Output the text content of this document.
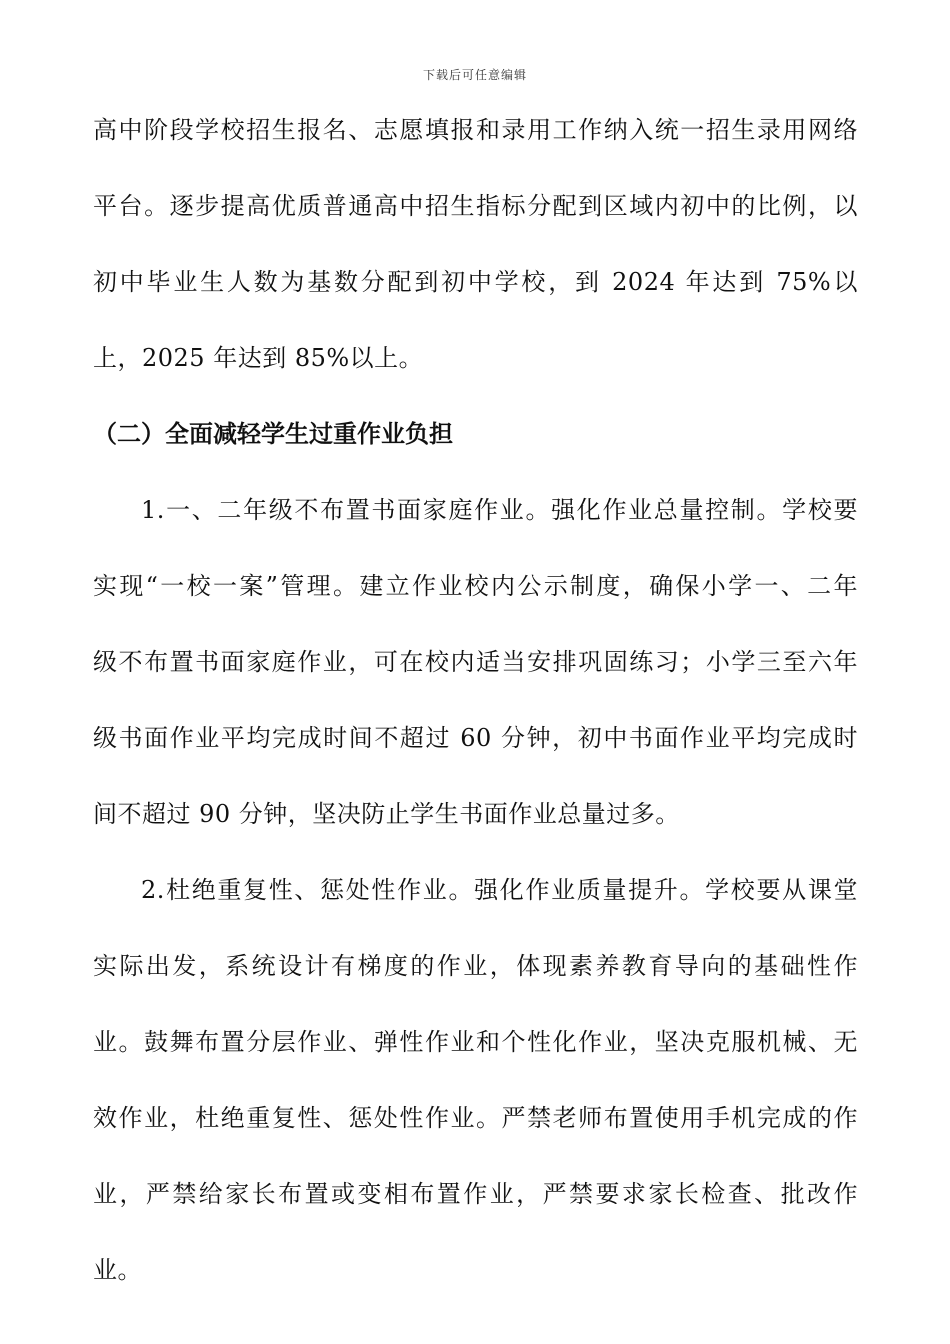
下载后可任意编辑
高中阶段学校招生报名、志愿填报和录用工作纳入统一招生录用网络
平台。逐步提高优质普通高中招生指标分配到区域内初中的比例，以
初中毕业生人数为基数分配到初中学校，到 2024 年达到 75%以
上，2025 年达到 85%以上。
（二）全面减轻学生过重作业负担
1.一、二年级不布置书面家庭作业。强化作业总量控制。学校要
实现“一校一案”管理。建立作业校内公示制度，确保小学一、二年
级不布置书面家庭作业，可在校内适当安排巩固练习；小学三至六年
级书面作业平均完成时间不超过 60 分钟，初中书面作业平均完成时
间不超过 90 分钟，坚决防止学生书面作业总量过多。
2.杜绝重复性、惩处性作业。强化作业质量提升。学校要从课堂
实际出发，系统设计有梯度的作业，体现素养教育导向的基础性作
业。鼓舞布置分层作业、弹性作业和个性化作业，坚决克服机械、无
效作业，杜绝重复性、惩处性作业。严禁老师布置使用手机完成的作
业，严禁给家长布置或变相布置作业，严禁要求家长检查、批改作
业。
